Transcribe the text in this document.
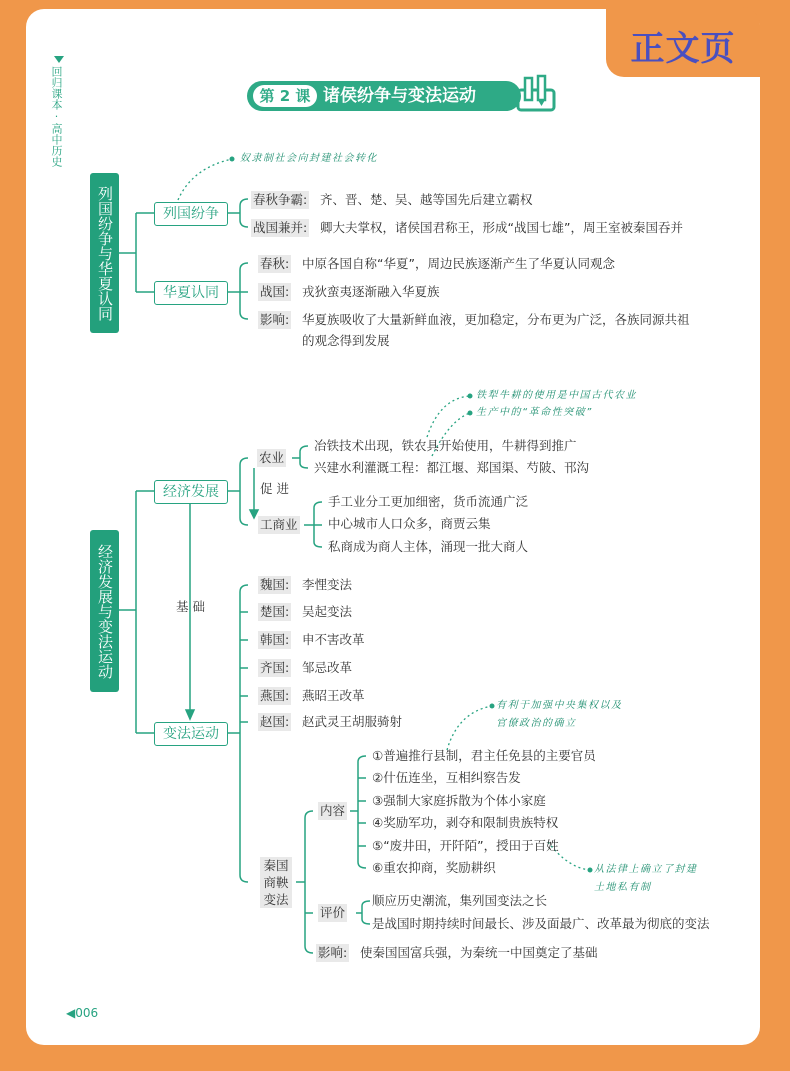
正文页
回归课本·高中历史	第 2 课 诸侯纷争与变法运动
列国纷争与华夏认同
奴隶制社会向封建社会转化
列国纷争
春秋争霸: 齐、晋、楚、吴、越等国先后建立霸权
战国兼并: 卿大夫掌权，诸侯国君称王，形成“战国七雄”，周王室被秦国吞并
华夏认同
春秋: 中原各国自称“华夏”，周边民族逐渐产生了华夏认同观念
战国: 戎狄蛮夷逐渐融入华夏族
影响: 华夏族吸收了大量新鲜血液，更加稳定，分布更为广泛，各族同源共祖
的观念得到发展
经济发展与变法运动
铁犁牛耕的使用是中国古代农业
生产中的“革命性突破”
经济发展
农业
冶铁技术出现，铁农具开始使用，牛耕得到推广
兴建水利灌溉工程：都江堰、郑国渠、芍陂、邗沟
促进
工商业
手工业分工更加细密，货币流通广泛
中心城市人口众多，商贾云集
私商成为商人主体，涌现一批大商人
基础
变法运动
魏国: 李悝变法
楚国: 吴起变法
韩国: 申不害改革
齐国: 邹忌改革
燕国: 燕昭王改革
赵国: 赵武灵王胡服骑射
有利于加强中央集权以及
官僚政治的确立
秦国商鞅变法
内容
①普遍推行县制，君主任免县的主要官员
②什伍连坐，互相纠察告发
③强制大家庭拆散为个体小家庭
④奖励军功，剥夺和限制贵族特权
⑤“废井田，开阡陌”，授田于百姓
⑥重农抑商，奖励耕织	从法律上确立了封建
土地私有制
评价
顺应历史潮流，集列国变法之长
是战国时期持续时间最长、涉及面最广、改革最为彻底的变法
影响: 使秦国国富兵强，为秦统一中国奠定了基础
◀006
